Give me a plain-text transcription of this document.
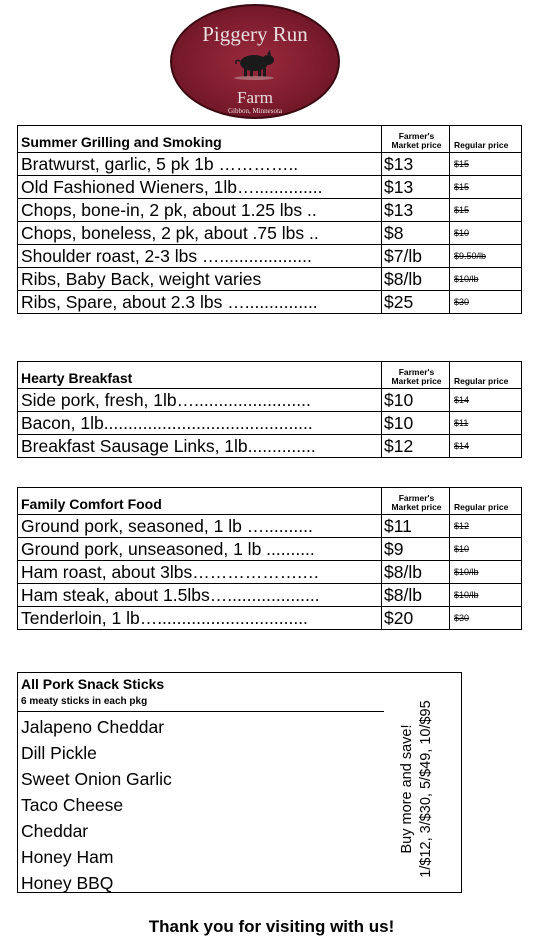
Piggery Run
Farm
Gibbon, Minnesota
Summer Grilling and Smoking	Farmer's
Market price	Regular price

Bratwurst, garlic, 5 pk 1b …………..	$13	$15
Old Fashioned Wieners, 1lb…..............	$13	$15
Chops, bone-in, 2 pk, about 1.25 lbs ..	$13	$15
Chops, boneless, 2 pk, about .75 lbs ..	$8	$10
Shoulder roast, 2-3 lbs …...................	$7/lb	$9.50/lb
Ribs, Baby Back, weight varies	$8/lb	$10/lb
Ribs, Spare, about 2.3 lbs …...............	$25	$30
Hearty Breakfast	Farmer's
Market price	Regular price

Side pork, fresh, 1lb…........................	$10	$14
Bacon, 1lb...........................................	$10	$11
Breakfast Sausage Links, 1lb..............	$12	$14
Family Comfort Food	Farmer's
Market price	Regular price

Ground pork, seasoned, 1 lb …..........	$11	$12
Ground pork, unseasoned, 1 lb ..........	$9	$10
Ham roast, about 3lbs……………….…	$8/lb	$10/lb
Ham steak, about 1.5lbs…...................	$8/lb	$10/lb
Tenderloin, 1 lb…...............................	$20	$30
All Pork Snack Sticks
6 meaty sticks in each pkg
Jalapeno Cheddar
Dill Pickle
Sweet Onion Garlic
Taco Cheese
Cheddar
Honey Ham
Honey BBQ
Buy more and save! 1/$12, 3/$30, 5/$49, 10/$95
Thank you for visiting with us!
